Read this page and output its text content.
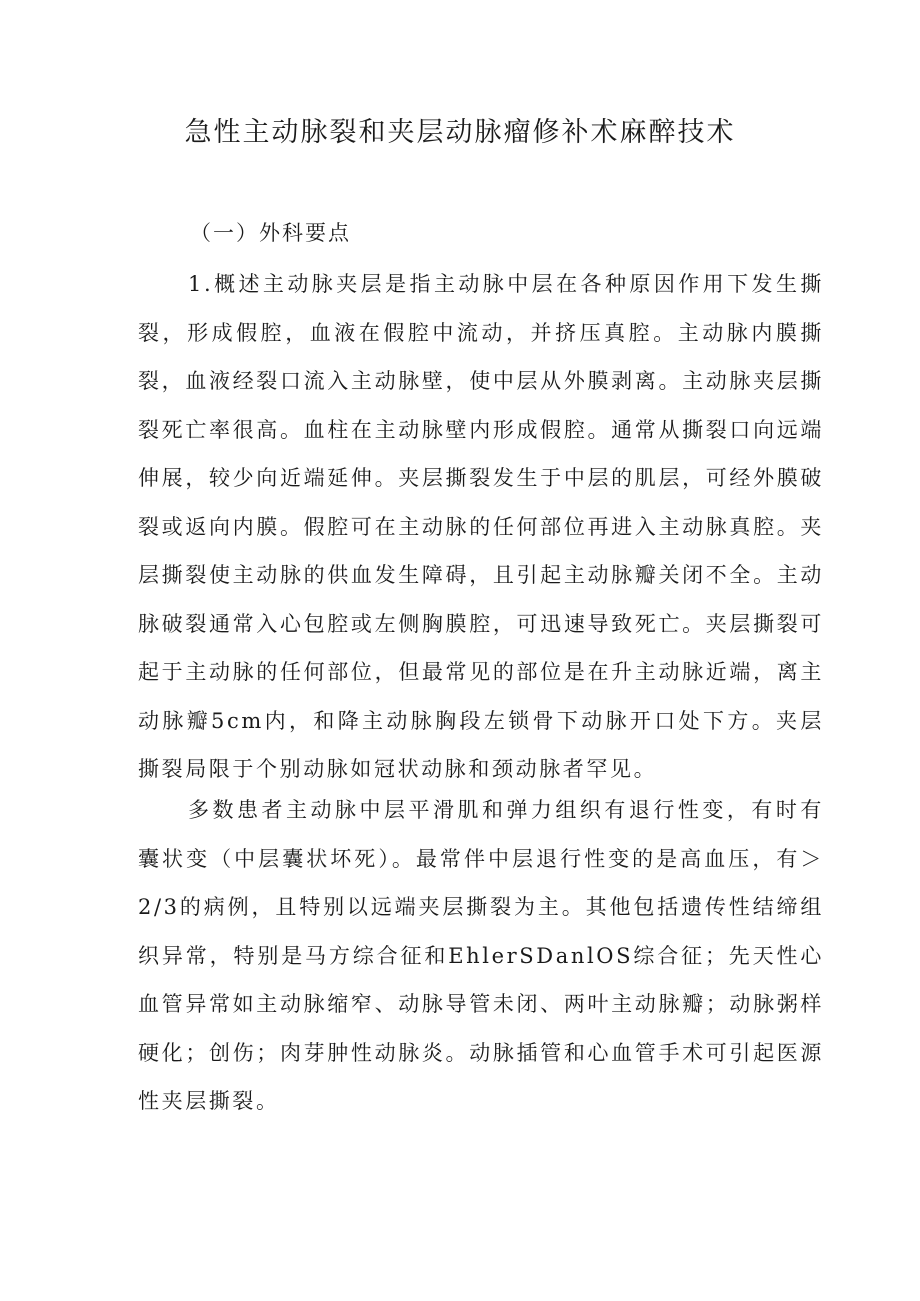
急性主动脉裂和夹层动脉瘤修补术麻醉技术
（一）外科要点

1.概述主动脉夹层是指主动脉中层在各种原因作用下发生撕裂，形成假腔，血液在假腔中流动，并挤压真腔。主动脉内膜撕裂，血液经裂口流入主动脉壁，使中层从外膜剥离。主动脉夹层撕裂死亡率很高。血柱在主动脉壁内形成假腔。通常从撕裂口向远端伸展，较少向近端延伸。夹层撕裂发生于中层的肌层，可经外膜破裂或返向内膜。假腔可在主动脉的任何部位再进入主动脉真腔。夹层撕裂使主动脉的供血发生障碍，且引起主动脉瓣关闭不全。主动脉破裂通常入心包腔或左侧胸膜腔，可迅速导致死亡。夹层撕裂可起于主动脉的任何部位，但最常见的部位是在升主动脉近端，离主动脉瓣5cm内，和降主动脉胸段左锁骨下动脉开口处下方。夹层撕裂局限于个别动脉如冠状动脉和颈动脉者罕见。

多数患者主动脉中层平滑肌和弹力组织有退行性变，有时有囊状变（中层囊状坏死）。最常伴中层退行性变的是高血压，有＞2/3的病例，且特别以远端夹层撕裂为主。其他包括遗传性结缔组织异常，特别是马方综合征和EhlerSDanlOS综合征；先天性心血管异常如主动脉缩窄、动脉导管未闭、两叶主动脉瓣；动脉粥样硬化；创伤；肉芽肿性动脉炎。动脉插管和心血管手术可引起医源性夹层撕裂。
